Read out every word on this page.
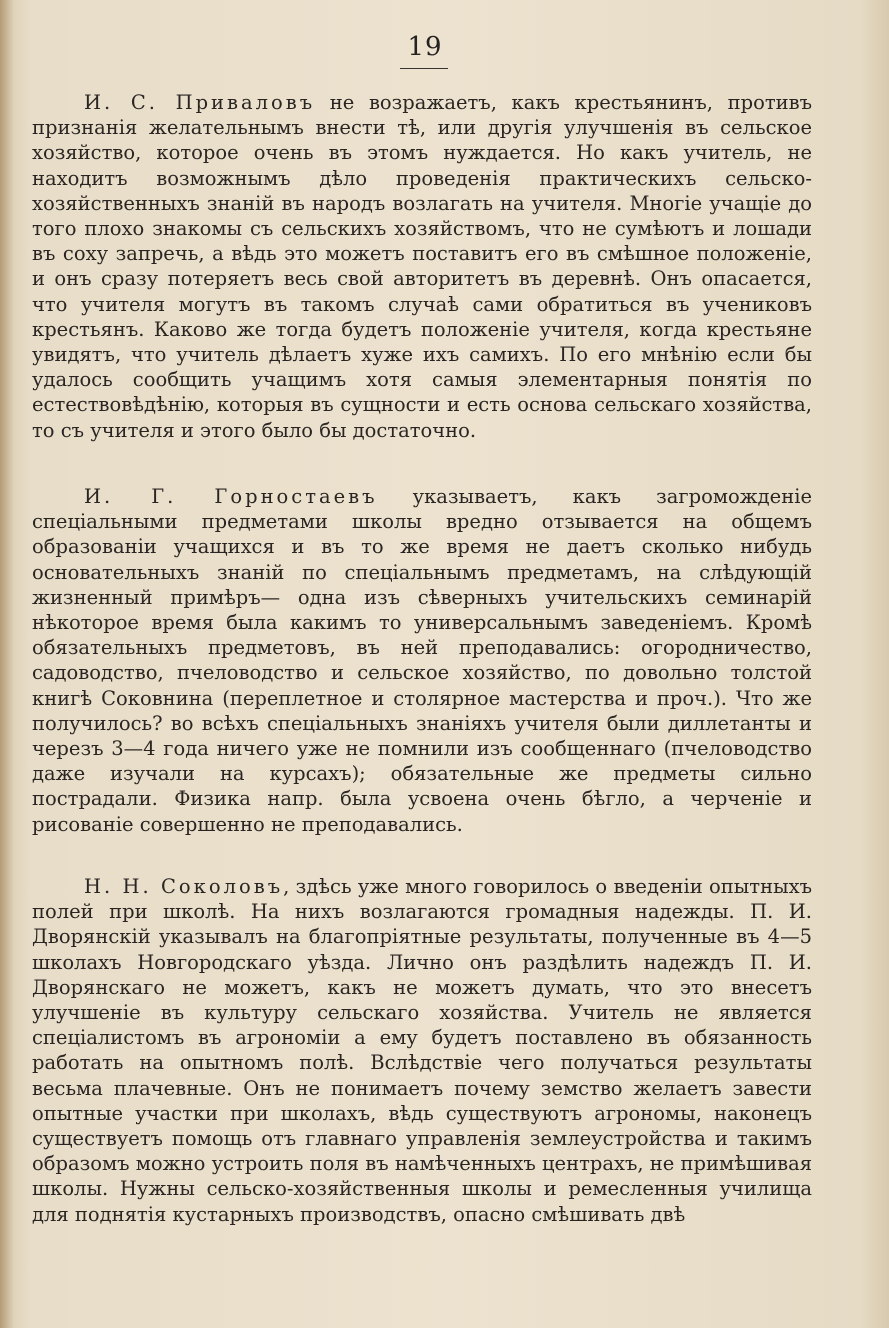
19

И. С. Приваловъ не возражаетъ, какъ крестьянинъ, противъ признанія желательнымъ внести тѣ, или другія улучшенія въ сельское хозяйство, которое очень въ этомъ нуждается. Но какъ учитель, не находитъ возможнымъ дѣло проведенія практическихъ сельско-хозяйственныхъ знаній въ народъ возлагать на учителя. Многіе учащіе до того плохо знакомы съ сельскихъ хозяйствомъ, что не сумѣютъ и лошади въ соху запречь, а вѣдь это можетъ поставитъ его въ смѣшное положеніе, и онъ сразу потеряетъ весь свой авторитетъ въ деревнѣ. Онъ опасается, что учителя могутъ въ такомъ случаѣ сами обратиться въ учениковъ крестьянъ. Каково же тогда будетъ положеніе учителя, когда крестьяне увидятъ, что учитель дѣлаетъ хуже ихъ самихъ. По его мнѣнію если бы удалось сообщить учащимъ хотя самыя элементарныя понятія по естествовѣдѣнію, которыя въ сущности и есть основа сельскаго хозяйства, то съ учителя и этого было бы достаточно.

И. Г. Горностаевъ указываетъ, какъ загроможденіе спеціальными предметами школы вредно отзывается на общемъ образованіи учащихся и въ то же время не даетъ сколько нибудь основательныхъ знаній по спеціальнымъ предметамъ, на слѣдующій жизненный примѣръ— одна изъ сѣверныхъ учительскихъ семинарій нѣкоторое время была какимъ то универсальнымъ заведеніемъ. Кромѣ обязательныхъ предметовъ, въ ней преподавались: огородничество, садоводство, пчеловодство и сельское хозяйство, по довольно толстой книгѣ Соковнина (переплетное и столярное мастерства и проч.). Что же получилось? во всѣхъ спеціальныхъ знаніяхъ учителя были диллетанты и черезъ 3—4 года ничего уже не помнили изъ сообщеннаго (пчеловодство даже изучали на курсахъ); обязательные же предметы сильно пострадали. Физика напр. была усвоена очень бѣгло, а черченіе и рисованіе совершенно не преподавались.

Н. Н. Соколовъ, здѣсь уже много говорилось о введеніи опытныхъ полей при школѣ. На нихъ возлагаются громадныя надежды. П. И. Дворянскій указывалъ на благопріятные результаты, полученные въ 4—5 школахъ Новгородскаго уѣзда. Лично онъ раздѣлить надеждъ П. И. Дворянскаго не можетъ, какъ не можетъ думать, что это внесетъ улучшеніе въ культуру сельскаго хозяйства. Учитель не является спеціалистомъ въ агрономіи а ему будетъ поставлено въ обязанность работать на опытномъ полѣ. Вслѣдствіе чего получаться результаты весьма плачевные. Онъ не понимаетъ почему земство желаетъ завести опытные участки при школахъ, вѣдь существуютъ агрономы, наконецъ существуетъ помощь отъ главнаго управленія землеустройства и такимъ образомъ можно устроить поля въ намѣченныхъ центрахъ, не примѣшивая школы. Нужны сельско-хозяйственныя школы и ремесленныя училища для поднятія кустарныхъ производствъ, опасно смѣшивать двѣ
